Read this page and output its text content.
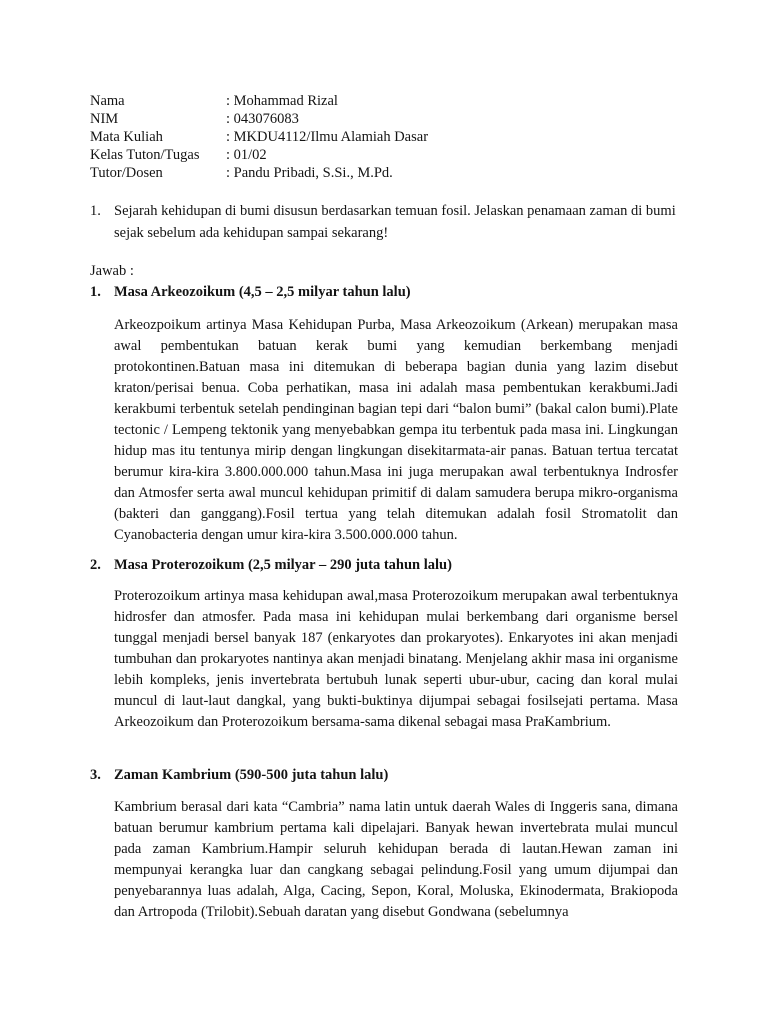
Nama	: Mohammad Rizal
NIM	: 043076083
Mata Kuliah	: MKDU4112/Ilmu Alamiah Dasar
Kelas Tuton/Tugas	: 01/02
Tutor/Dosen	: Pandu Pribadi, S.Si., M.Pd.
1. Sejarah kehidupan di bumi disusun berdasarkan temuan fosil. Jelaskan penamaan zaman di bumi sejak sebelum ada kehidupan sampai sekarang!
Jawab :
1. Masa Arkeozoikum (4,5 – 2,5 milyar tahun lalu)
Arkeozpoikum artinya Masa Kehidupan Purba, Masa Arkeozoikum (Arkean) merupakan masa awal pembentukan batuan kerak bumi yang kemudian berkembang menjadi protokontinen.Batuan masa ini ditemukan di beberapa bagian dunia yang lazim disebut kraton/perisai benua. Coba perhatikan, masa ini adalah masa pembentukan kerakbumi.Jadi kerakbumi terbentuk setelah pendinginan bagian tepi dari “balon bumi” (bakal calon bumi).Plate tectonic / Lempeng tektonik yang menyebabkan gempa itu terbentuk pada masa ini. Lingkungan hidup mas itu tentunya mirip dengan lingkungan disekitarmata-air panas. Batuan tertua tercatat berumur kira-kira 3.800.000.000 tahun.Masa ini juga merupakan awal terbentuknya Indrosfer dan Atmosfer serta awal muncul kehidupan primitif di dalam samudera berupa mikro-organisma (bakteri dan ganggang).Fosil tertua yang telah ditemukan adalah fosil Stromatolit dan Cyanobacteria dengan umur kira-kira 3.500.000.000 tahun.
2. Masa Proterozoikum (2,5 milyar – 290 juta tahun lalu)
Proterozoikum artinya masa kehidupan awal,masa Proterozoikum merupakan awal terbentuknya hidrosfer dan atmosfer. Pada masa ini kehidupan mulai berkembang dari organisme bersel tunggal menjadi bersel banyak 187 (enkaryotes dan prokaryotes). Enkaryotes ini akan menjadi tumbuhan dan prokaryotes nantinya akan menjadi binatang. Menjelang akhir masa ini organisme lebih kompleks, jenis invertebrata bertubuh lunak seperti ubur-ubur, cacing dan koral mulai muncul di laut-laut dangkal, yang bukti-buktinya dijumpai sebagai fosilsejati pertama. Masa Arkeozoikum dan Proterozoikum bersama-sama dikenal sebagai masa PraKambrium.
3. Zaman Kambrium (590-500 juta tahun lalu)
Kambrium berasal dari kata “Cambria” nama latin untuk daerah Wales di Inggeris sana, dimana batuan berumur kambrium pertama kali dipelajari. Banyak hewan invertebrata mulai muncul pada zaman Kambrium.Hampir seluruh kehidupan berada di lautan.Hewan zaman ini mempunyai kerangka luar dan cangkang sebagai pelindung.Fosil yang umum dijumpai dan penyebarannya luas adalah, Alga, Cacing, Sepon, Koral, Moluska, Ekinodermata, Brakiopoda dan Artropoda (Trilobit).Sebuah daratan yang disebut Gondwana (sebelumnya
